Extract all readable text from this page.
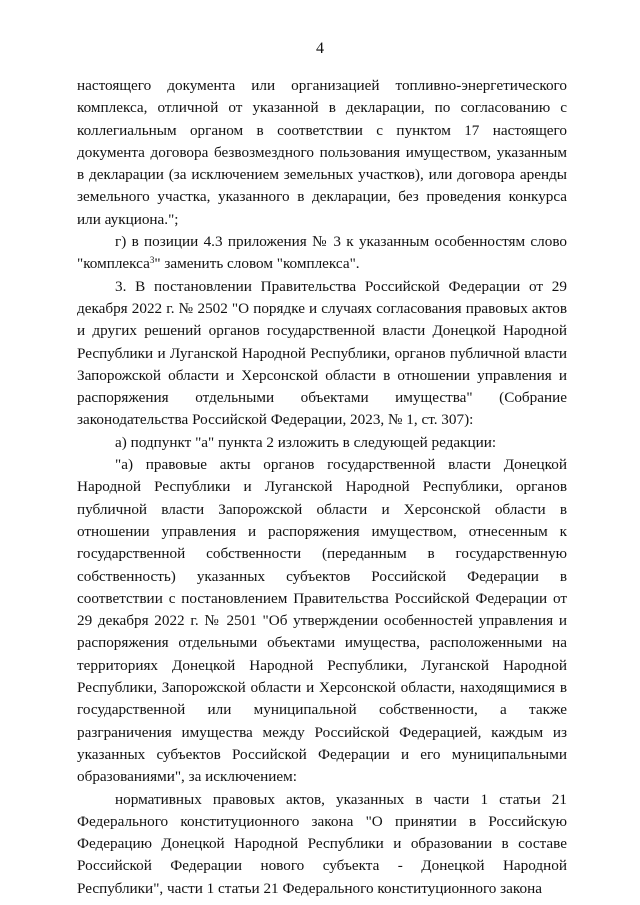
4

настоящего документа или организацией топливно-энергетического комплекса, отличной от указанной в декларации, по согласованию с коллегиальным органом в соответствии с пунктом 17 настоящего документа договора безвозмездного пользования имуществом, указанным в декларации (за исключением земельных участков), или договора аренды земельного участка, указанного в декларации, без проведения конкурса или аукциона.";

г) в позиции 4.3 приложения № 3 к указанным особенностям слово "комплекса$^3$" заменить словом "комплекса".

3. В постановлении Правительства Российской Федерации от 29 декабря 2022 г. № 2502 "О порядке и случаях согласования правовых актов и других решений органов государственной власти Донецкой Народной Республики и Луганской Народной Республики, органов публичной власти Запорожской области и Херсонской области в отношении управления и распоряжения отдельными объектами имущества" (Собрание законодательства Российской Федерации, 2023, № 1, ст. 307):

а) подпункт "а" пункта 2 изложить в следующей редакции:

"а) правовые акты органов государственной власти Донецкой Народной Республики и Луганской Народной Республики, органов публичной власти Запорожской области и Херсонской области в отношении управления и распоряжения имуществом, отнесенным к государственной собственности (переданным в государственную собственность) указанных субъектов Российской Федерации в соответствии с постановлением Правительства Российской Федерации от 29 декабря 2022 г. № 2501 "Об утверждении особенностей управления и распоряжения отдельными объектами имущества, расположенными на территориях Донецкой Народной Республики, Луганской Народной Республики, Запорожской области и Херсонской области, находящимися в государственной или муниципальной собственности, а также разграничения имущества между Российской Федерацией, каждым из указанных субъектов Российской Федерации и его муниципальными образованиями", за исключением:

нормативных правовых актов, указанных в части 1 статьи 21 Федерального конституционного закона "О принятии в Российскую Федерацию Донецкой Народной Республики и образовании в составе Российской Федерации нового субъекта - Донецкой Народной Республики", части 1 статьи 21 Федерального конституционного закона
